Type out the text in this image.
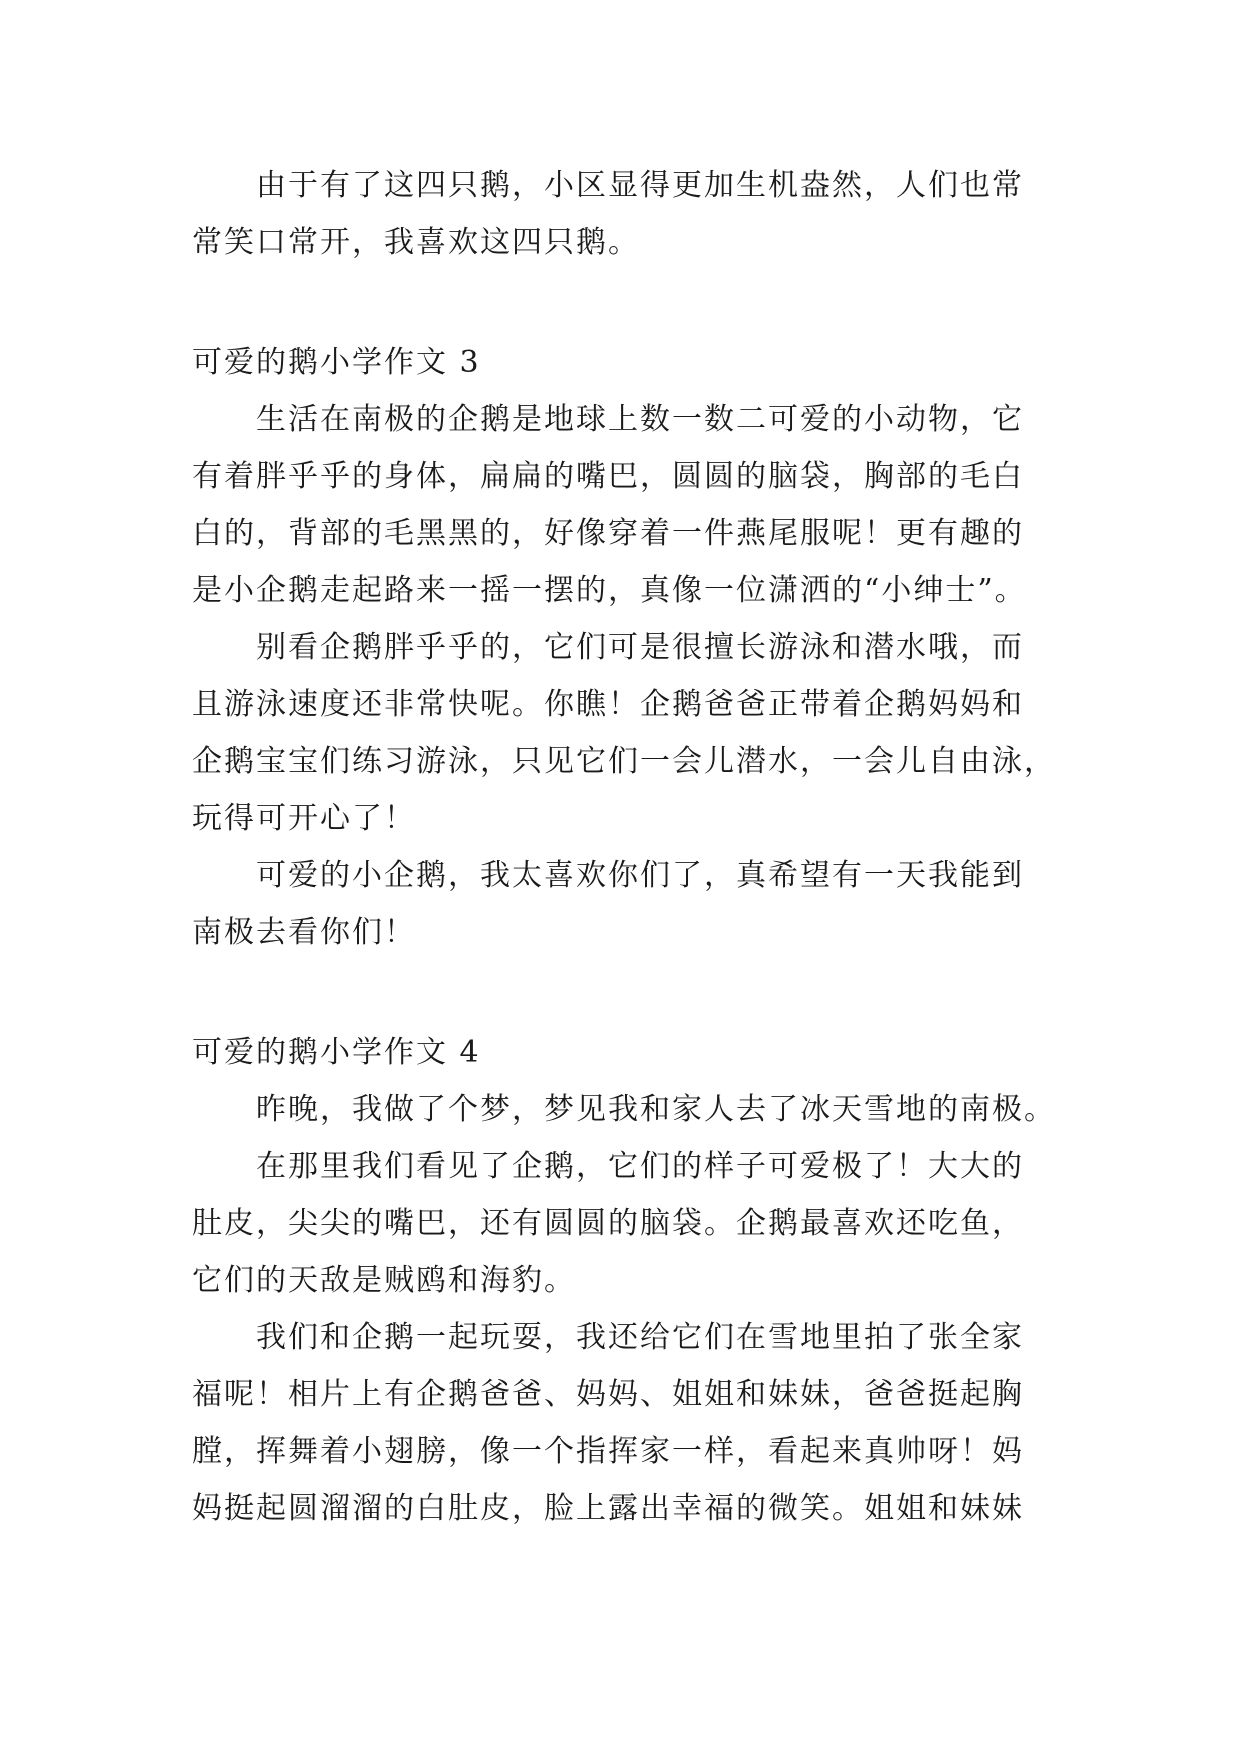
由于有了这四只鹅，小区显得更加生机盎然，人们也常
常笑口常开，我喜欢这四只鹅。
可爱的鹅小学作文 3
生活在南极的企鹅是地球上数一数二可爱的小动物，它
有着胖乎乎的身体，扁扁的嘴巴，圆圆的脑袋，胸部的毛白
白的，背部的毛黑黑的，好像穿着一件燕尾服呢！更有趣的
是小企鹅走起路来一摇一摆的，真像一位潇洒的“小绅士”。
别看企鹅胖乎乎的，它们可是很擅长游泳和潜水哦，而
且游泳速度还非常快呢。你瞧！企鹅爸爸正带着企鹅妈妈和
企鹅宝宝们练习游泳，只见它们一会儿潜水，一会儿自由泳，
玩得可开心了！
可爱的小企鹅，我太喜欢你们了，真希望有一天我能到
南极去看你们！
可爱的鹅小学作文 4
昨晚，我做了个梦，梦见我和家人去了冰天雪地的南极。
在那里我们看见了企鹅，它们的样子可爱极了！大大的
肚皮，尖尖的嘴巴，还有圆圆的脑袋。企鹅最喜欢还吃鱼，
它们的天敌是贼鸥和海豹。
我们和企鹅一起玩耍，我还给它们在雪地里拍了张全家
福呢！相片上有企鹅爸爸、妈妈、姐姐和妹妹，爸爸挺起胸
膛，挥舞着小翅膀，像一个指挥家一样，看起来真帅呀！妈
妈挺起圆溜溜的白肚皮，脸上露出幸福的微笑。姐姐和妹妹
